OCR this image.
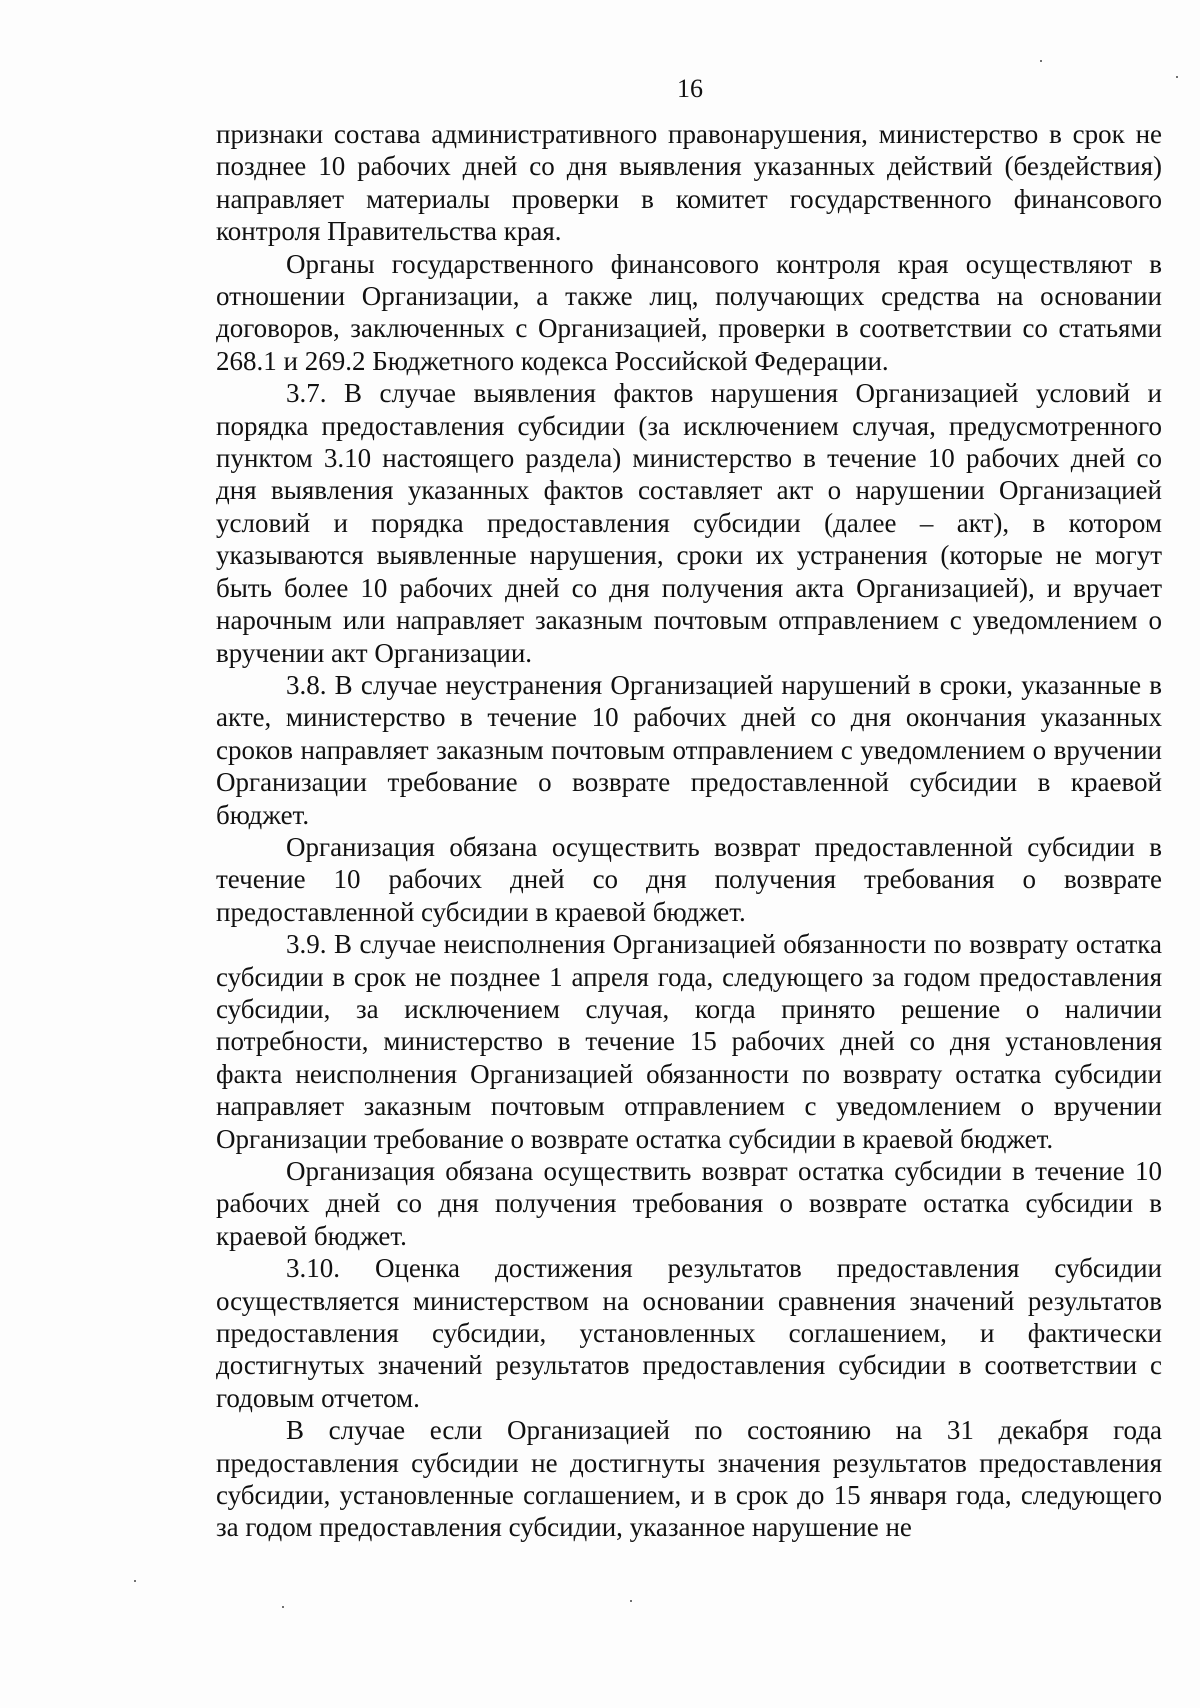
16

признаки состава административного правонарушения, министерство в срок не позднее 10 рабочих дней со дня выявления указанных действий (бездействия) направляет материалы проверки в комитет государственного финансового контроля Правительства края.

Органы государственного финансового контроля края осуществляют в отношении Организации, а также лиц, получающих средства на основании договоров, заключенных с Организацией, проверки в соответствии со статьями 268.1 и 269.2 Бюджетного кодекса Российской Федерации.

3.7. В случае выявления фактов нарушения Организацией условий и порядка предоставления субсидии (за исключением случая, предусмотренного пунктом 3.10 настоящего раздела) министерство в течение 10 рабочих дней со дня выявления указанных фактов составляет акт о нарушении Организацией условий и порядка предоставления субсидии (далее – акт), в котором указываются выявленные нарушения, сроки их устранения (которые не могут быть более 10 рабочих дней со дня получения акта Организацией), и вручает нарочным или направляет заказным почтовым отправлением с уведомлением о вручении акт Организации.

3.8. В случае неустранения Организацией нарушений в сроки, указанные в акте, министерство в течение 10 рабочих дней со дня окончания указанных сроков направляет заказным почтовым отправлением с уведомлением о вручении Организации требование о возврате предоставленной субсидии в краевой бюджет.

Организация обязана осуществить возврат предоставленной субсидии в течение 10 рабочих дней со дня получения требования о возврате предоставленной субсидии в краевой бюджет.

3.9. В случае неисполнения Организацией обязанности по возврату остатка субсидии в срок не позднее 1 апреля года, следующего за годом предоставления субсидии, за исключением случая, когда принято решение о наличии потребности, министерство в течение 15 рабочих дней со дня установления факта неисполнения Организацией обязанности по возврату остатка субсидии направляет заказным почтовым отправлением с уведомлением о вручении Организации требование о возврате остатка субсидии в краевой бюджет.

Организация обязана осуществить возврат остатка субсидии в течение 10 рабочих дней со дня получения требования о возврате остатка субсидии в краевой бюджет.

3.10. Оценка достижения результатов предоставления субсидии осуществляется министерством на основании сравнения значений результатов предоставления субсидии, установленных соглашением, и фактически достигнутых значений результатов предоставления субсидии в соответствии с годовым отчетом.

В случае если Организацией по состоянию на 31 декабря года предоставления субсидии не достигнуты значения результатов предоставления субсидии, установленные соглашением, и в срок до 15 января года, следующего за годом предоставления субсидии, указанное нарушение не
